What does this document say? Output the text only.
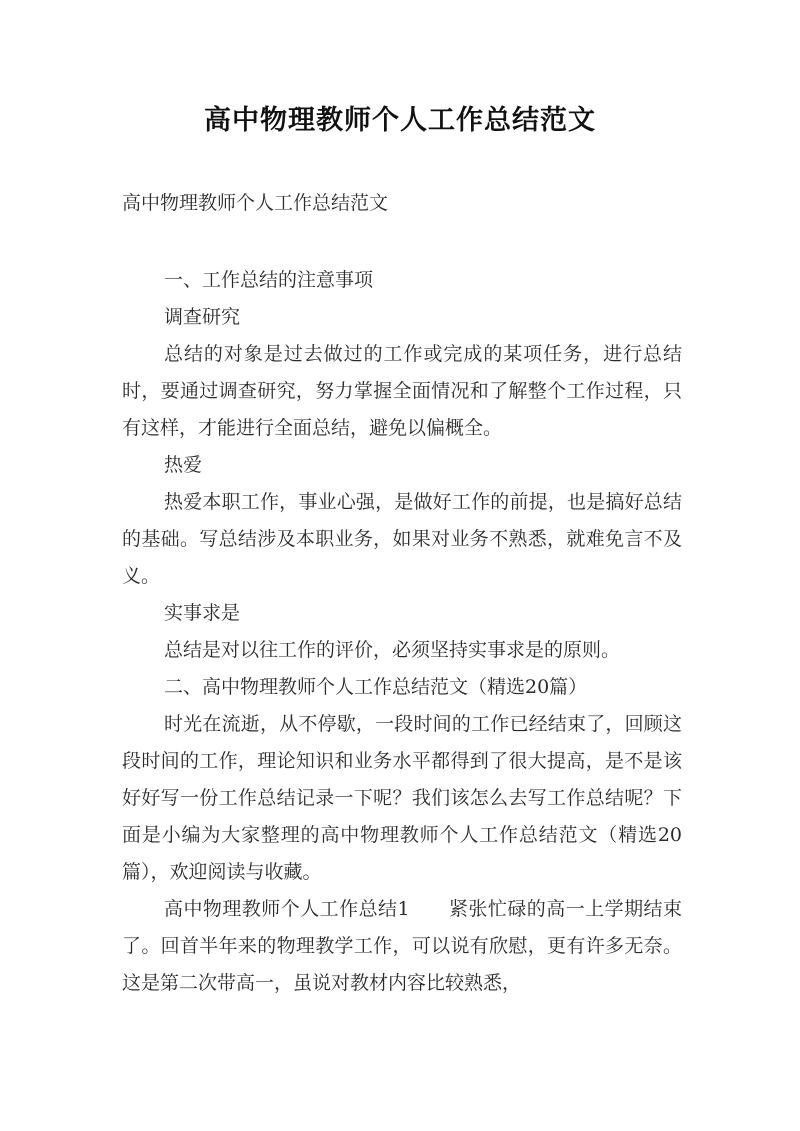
高中物理教师个人工作总结范文
高中物理教师个人工作总结范文

一、工作总结的注意事项

调查研究

总结的对象是过去做过的工作或完成的某项任务，进行总结时，要通过调查研究，努力掌握全面情况和了解整个工作过程，只有这样，才能进行全面总结，避免以偏概全。

热爱

热爱本职工作，事业心强，是做好工作的前提，也是搞好总结的基础。写总结涉及本职业务，如果对业务不熟悉，就难免言不及义。

实事求是

总结是对以往工作的评价，必须坚持实事求是的原则。

二、高中物理教师个人工作总结范文（精选20篇）

时光在流逝，从不停歇，一段时间的工作已经结束了，回顾这段时间的工作，理论知识和业务水平都得到了很大提高，是不是该好好写一份工作总结记录一下呢？我们该怎么去写工作总结呢？下面是小编为大家整理的高中物理教师个人工作总结范文（精选20篇），欢迎阅读与收藏。

高中物理教师个人工作总结1　　紧张忙碌的高一上学期结束了。回首半年来的物理教学工作，可以说有欣慰，更有许多无奈。这是第二次带高一，虽说对教材内容比较熟悉，
